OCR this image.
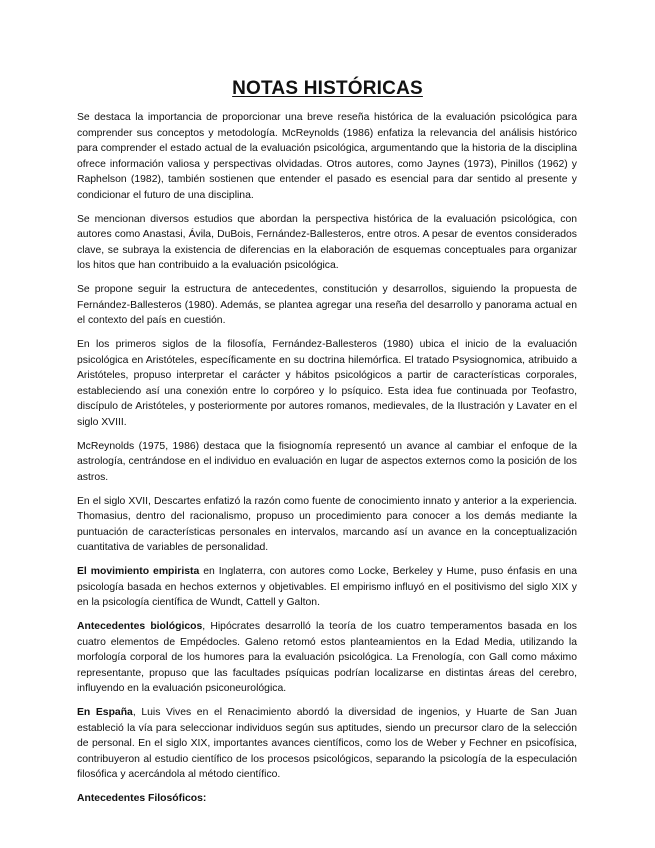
NOTAS HISTÓRICAS

Se destaca la importancia de proporcionar una breve reseña histórica de la evaluación psicológica para comprender sus conceptos y metodología. McReynolds (1986) enfatiza la relevancia del análisis histórico para comprender el estado actual de la evaluación psicológica, argumentando que la historia de la disciplina ofrece información valiosa y perspectivas olvidadas. Otros autores, como Jaynes (1973), Pinillos (1962) y Raphelson (1982), también sostienen que entender el pasado es esencial para dar sentido al presente y condicionar el futuro de una disciplina.

Se mencionan diversos estudios que abordan la perspectiva histórica de la evaluación psicológica, con autores como Anastasi, Ávila, DuBois, Fernández-Ballesteros, entre otros. A pesar de eventos considerados clave, se subraya la existencia de diferencias en la elaboración de esquemas conceptuales para organizar los hitos que han contribuido a la evaluación psicológica.

Se propone seguir la estructura de antecedentes, constitución y desarrollos, siguiendo la propuesta de Fernández-Ballesteros (1980). Además, se plantea agregar una reseña del desarrollo y panorama actual en el contexto del país en cuestión.

En los primeros siglos de la filosofía, Fernández-Ballesteros (1980) ubica el inicio de la evaluación psicológica en Aristóteles, específicamente en su doctrina hilemórfica. El tratado Psysiognomica, atribuido a Aristóteles, propuso interpretar el carácter y hábitos psicológicos a partir de características corporales, estableciendo así una conexión entre lo corpóreo y lo psíquico. Esta idea fue continuada por Teofastro, discípulo de Aristóteles, y posteriormente por autores romanos, medievales, de la Ilustración y Lavater en el siglo XVIII.

McReynolds (1975, 1986) destaca que la fisiognomía representó un avance al cambiar el enfoque de la astrología, centrándose en el individuo en evaluación en lugar de aspectos externos como la posición de los astros.

En el siglo XVII, Descartes enfatizó la razón como fuente de conocimiento innato y anterior a la experiencia. Thomasius, dentro del racionalismo, propuso un procedimiento para conocer a los demás mediante la puntuación de características personales en intervalos, marcando así un avance en la conceptualización cuantitativa de variables de personalidad.

El movimiento empirista en Inglaterra, con autores como Locke, Berkeley y Hume, puso énfasis en una psicología basada en hechos externos y objetivables. El empirismo influyó en el positivismo del siglo XIX y en la psicología científica de Wundt, Cattell y Galton.

Antecedentes biológicos, Hipócrates desarrolló la teoría de los cuatro temperamentos basada en los cuatro elementos de Empédocles. Galeno retomó estos planteamientos en la Edad Media, utilizando la morfología corporal de los humores para la evaluación psicológica. La Frenología, con Gall como máximo representante, propuso que las facultades psíquicas podrían localizarse en distintas áreas del cerebro, influyendo en la evaluación psiconeurológica.

En España, Luis Vives en el Renacimiento abordó la diversidad de ingenios, y Huarte de San Juan estableció la vía para seleccionar individuos según sus aptitudes, siendo un precursor claro de la selección de personal. En el siglo XIX, importantes avances científicos, como los de Weber y Fechner en psicofísica, contribuyeron al estudio científico de los procesos psicológicos, separando la psicología de la especulación filosófica y acercándola al método científico.

Antecedentes Filosóficos:
